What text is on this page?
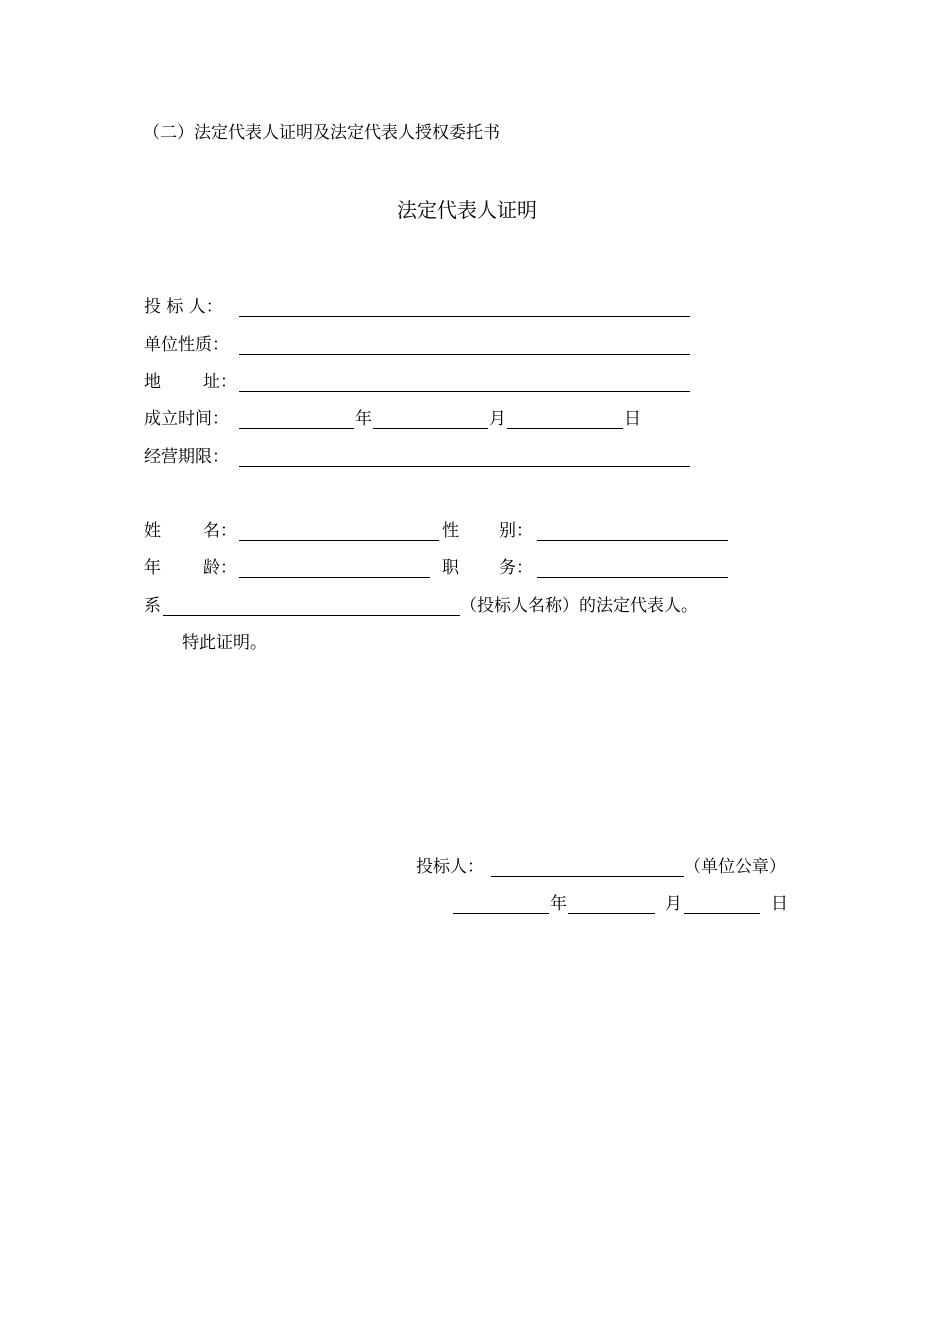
（二）法定代表人证明及法定代表人授权委托书
法定代表人证明
投 标 人：
单位性质：
地 址：
成立时间：	年	月	日
经营期限：
姓 名：	性 别：
年 龄：	职 务：
系	（投标人名称）的法定代表人。
特此证明。
投标人：	（单位公章）
年	月	日
